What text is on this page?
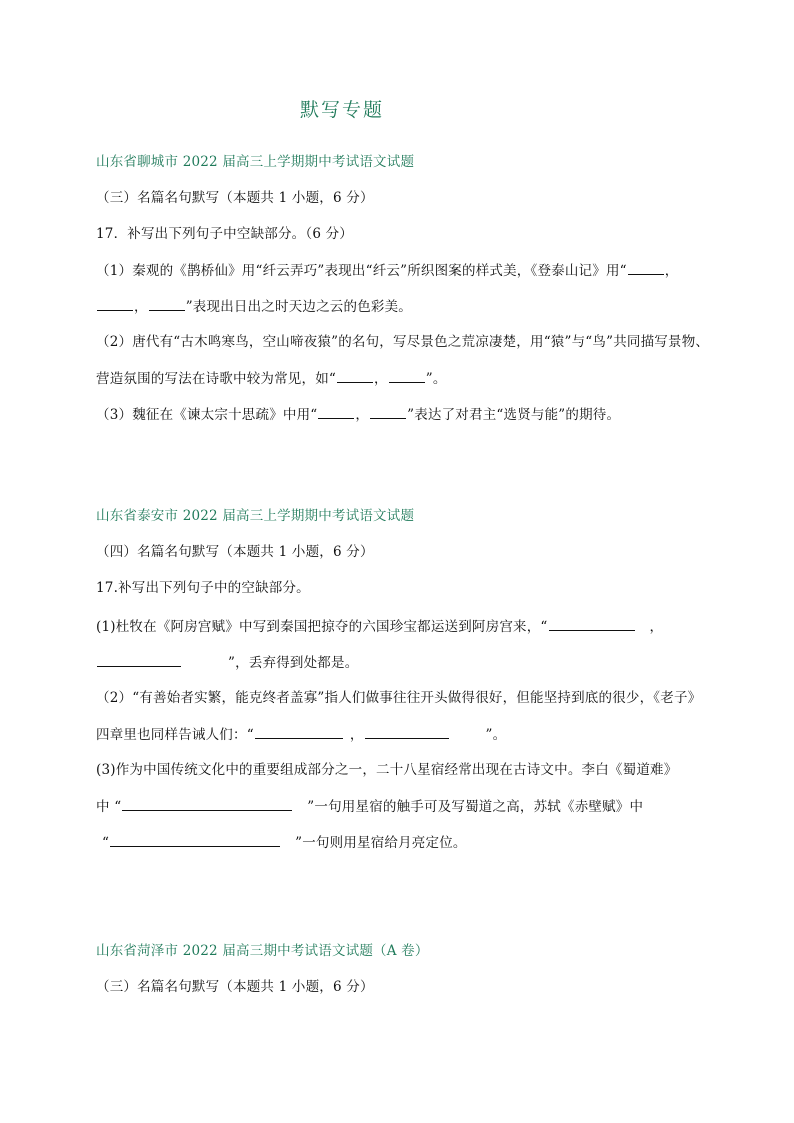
默写专题
山东省聊城市 2022 届高三上学期期中考试语文试题
（三）名篇名句默写（本题共 1 小题，6 分）
17．补写出下列句子中空缺部分。（6 分）
（1）秦观的《鹊桥仙》用“纤云弄巧”表现出“纤云”所织图案的样式美，《登泰山记》用“	，
，	”表现出日出之时天边之云的色彩美。
（2）唐代有“古木鸣寒鸟，空山啼夜猿”的名句，写尽景色之荒凉凄楚，用“猿”与“鸟”共同描写景物、
营造氛围的写法在诗歌中较为常见，如“	，	”。
（3）魏征在《谏太宗十思疏》中用“	，	”表达了对君主“选贤与能”的期待。
山东省泰安市 2022 届高三上学期期中考试语文试题
（四）名篇名句默写（本题共 1 小题，6 分）
17.补写出下列句子中的空缺部分。
(1)杜牧在《阿房宫赋》中写到秦国把掠夺的六国珍宝都运送到阿房宫来，“	，
”，丢弃得到处都是。
（2）“有善始者实繁，能克终者盖寡”指人们做事往往开头做得很好，但能坚持到底的很少，《老子》
四章里也同样告诫人们：“	，	”。
(3)作为中国传统文化中的重要组成部分之一，二十八星宿经常出现在古诗文中。李白《蜀道难》
中 “	”一句用星宿的触手可及写蜀道之高，苏轼《赤壁赋》中
“	”一句则用星宿给月亮定位。
山东省菏泽市 2022 届高三期中考试语文试题（A 卷）
（三）名篇名句默写（本题共 1 小题，6 分）
